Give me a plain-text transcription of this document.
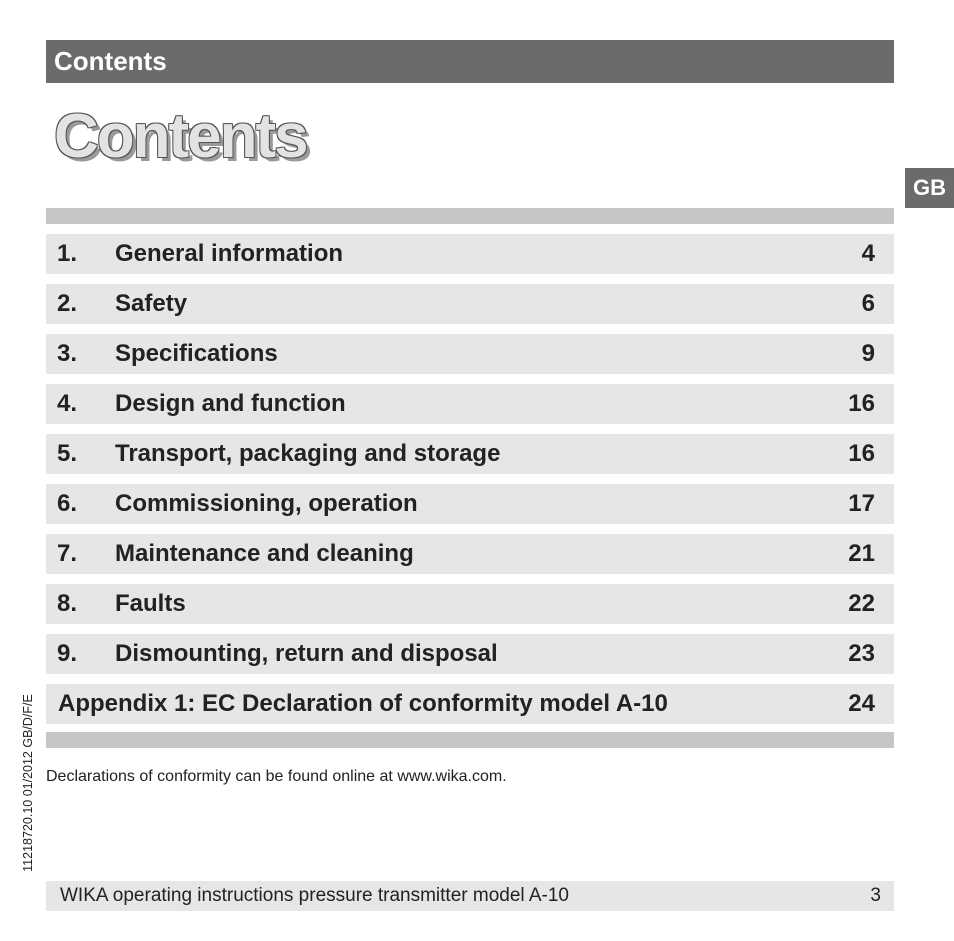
Contents
Contents
GB
1. General information	4
2. Safety	6
3. Specifications	9
4. Design and function	16
5. Transport, packaging and storage	16
6. Commissioning, operation	17
7. Maintenance and cleaning	21
8. Faults	22
9. Dismounting, return and disposal	23
Appendix 1: EC Declaration of conformity model A-10	24
Declarations of conformity can be found online at www.wika.com.
11218720.10 01/2012 GB/D/F/E
WIKA operating instructions pressure transmitter model A-10	3
